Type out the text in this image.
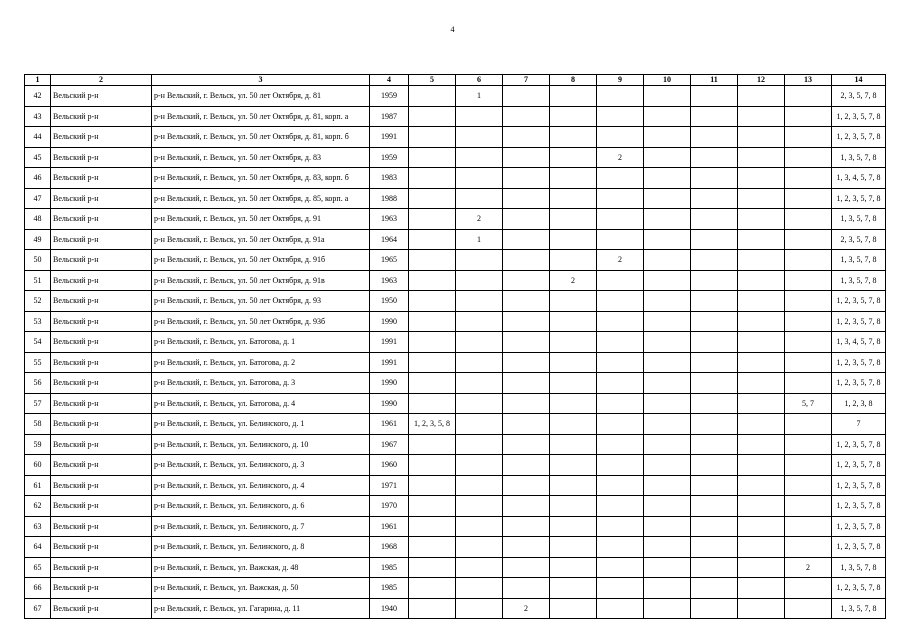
4
1	2	3	4	5	6	7	8	9	10	11	12	13	14
42	Вельский р-н	р-н Вельский, г. Вельск, ул. 50 лет Октября, д. 81	1959		1								2, 3, 5, 7, 8
43	Вельский р-н	р-н Вельский, г. Вельск, ул. 50 лет Октября, д. 81, корп. а	1987										1, 2, 3, 5, 7, 8
44	Вельский р-н	р-н Вельский, г. Вельск, ул. 50 лет Октября, д. 81, корп. б	1991										1, 2, 3, 5, 7, 8
45	Вельский р-н	р-н Вельский, г. Вельск, ул. 50 лет Октября, д. 83	1959					2					1, 3, 5, 7, 8
46	Вельский р-н	р-н Вельский, г. Вельск, ул. 50 лет Октября, д. 83, корп. б	1983										1, 3, 4, 5, 7, 8
47	Вельский р-н	р-н Вельский, г. Вельск, ул. 50 лет Октября, д. 85, корп. а	1988										1, 2, 3, 5, 7, 8
48	Вельский р-н	р-н Вельский, г. Вельск, ул. 50 лет Октября, д. 91	1963		2								1, 3, 5, 7, 8
49	Вельский р-н	р-н Вельский, г. Вельск, ул. 50 лет Октября, д. 91а	1964		1								2, 3, 5, 7, 8
50	Вельский р-н	р-н Вельский, г. Вельск, ул. 50 лет Октября, д. 91б	1965					2					1, 3, 5, 7, 8
51	Вельский р-н	р-н Вельский, г. Вельск, ул. 50 лет Октября, д. 91в	1963				2						1, 3, 5, 7, 8
52	Вельский р-н	р-н Вельский, г. Вельск, ул. 50 лет Октября, д. 93	1950										1, 2, 3, 5, 7, 8
53	Вельский р-н	р-н Вельский, г. Вельск, ул. 50 лет Октября, д. 93б	1990										1, 2, 3, 5, 7, 8
54	Вельский р-н	р-н Вельский, г. Вельск, ул. Батогова, д. 1	1991										1, 3, 4, 5, 7, 8
55	Вельский р-н	р-н Вельский, г. Вельск, ул. Батогова, д. 2	1991										1, 2, 3, 5, 7, 8
56	Вельский р-н	р-н Вельский, г. Вельск, ул. Батогова, д. 3	1990										1, 2, 3, 5, 7, 8
57	Вельский р-н	р-н Вельский, г. Вельск, ул. Батогова, д. 4	1990									5, 7	1, 2, 3, 8
58	Вельский р-н	р-н Вельский, г. Вельск, ул. Белинского, д. 1	1961	1, 2, 3, 5, 8									7
59	Вельский р-н	р-н Вельский, г. Вельск, ул. Белинского, д. 10	1967										1, 2, 3, 5, 7, 8
60	Вельский р-н	р-н Вельский, г. Вельск, ул. Белинского, д. 3	1960										1, 2, 3, 5, 7, 8
61	Вельский р-н	р-н Вельский, г. Вельск, ул. Белинского, д. 4	1971										1, 2, 3, 5, 7, 8
62	Вельский р-н	р-н Вельский, г. Вельск, ул. Белинского, д. 6	1970										1, 2, 3, 5, 7, 8
63	Вельский р-н	р-н Вельский, г. Вельск, ул. Белинского, д. 7	1961										1, 2, 3, 5, 7, 8
64	Вельский р-н	р-н Вельский, г. Вельск, ул. Белинского, д. 8	1968										1, 2, 3, 5, 7, 8
65	Вельский р-н	р-н Вельский, г. Вельск, ул. Важская, д. 48	1985									2	1, 3, 5, 7, 8
66	Вельский р-н	р-н Вельский, г. Вельск, ул. Важская, д. 50	1985										1, 2, 3, 5, 7, 8
67	Вельский р-н	р-н Вельский, г. Вельск, ул. Гагарина, д. 11	1940			2							1, 3, 5, 7, 8
